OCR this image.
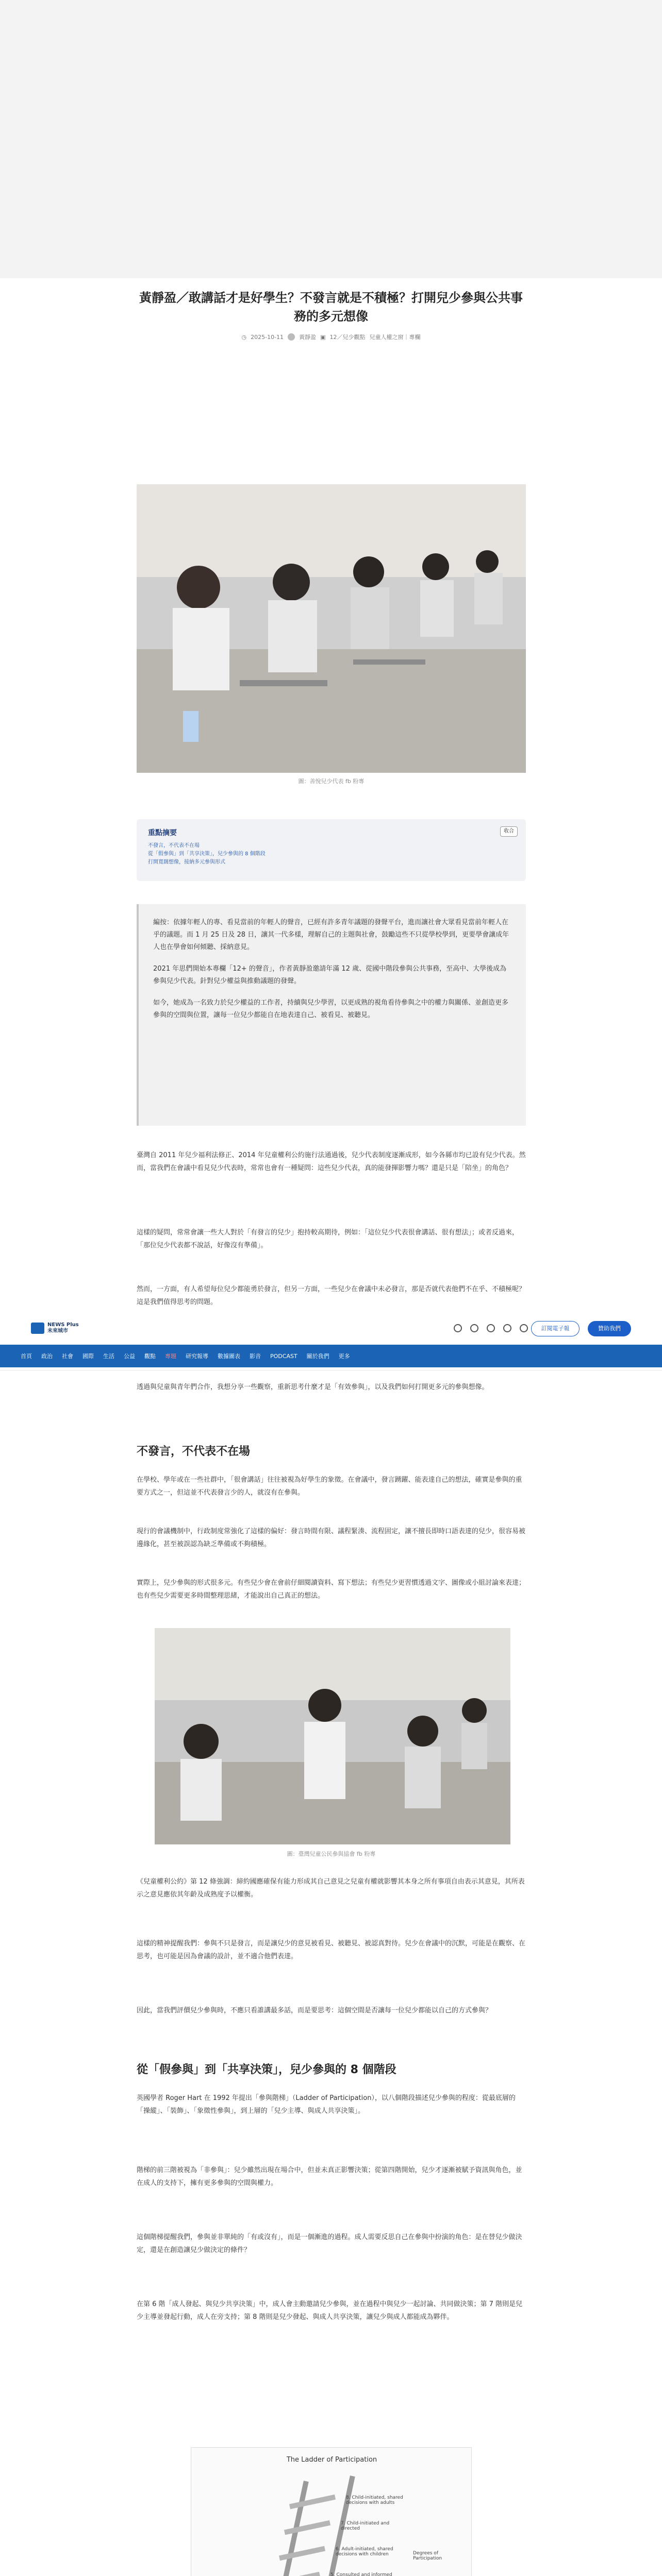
黃靜盈／敢講話才是好學生？不發言就是不積極？打開兒少參與公共事務的多元想像
◷ 2025-10-11	黃靜盈 ▣ 12／兒少觀點 兒童人權之窗｜專欄
圖：善悅兒少代表 fb 粉專
重點摘要	收合
不發言，不代表不在場
從「假參與」到「共享決策」，兒少參與的 8 個階段
打開寬闊想像，接納多元參與形式

編按：依據年輕人的專、看見當前的年輕人的聲音，已經有許多青年議題的發聲平台，進而讓社會大眾看見當前年輕人在乎的議題。而 1 月 25 日及 28 日，讓其一代多樣，理解自己的主題與社會，鼓勵這些不只從學校學到，更要學會讓成年人也在學會如何傾聽、採納意見。

2021 年思們開始本專欄「12+ 的聲音」，作者黃靜盈邀請年滿 12 歲、從國中階段參與公共事務，至高中、大學後成為參與兒少代表。針對兒少權益與推動議題的發聲。

如今，她成為一名致力於兒少權益的工作者，持續與兒少學習，以更成熟的視角看待參與之中的權力與關係、並創造更多參與的空間與位置，讓每一位兒少都能自在地表達自己、被看見、被聽見。

臺灣自 2011 年兒少福利法修正、2014 年兒童權利公約施行法通過後，兒少代表制度逐漸成形，如今各縣市均已設有兒少代表。然而，當我們在會議中看見兒少代表時，常常也會有一種疑問：這些兒少代表，真的能發揮影響力嗎？還是只是「陪坐」的角色？
這樣的疑問，常常會讓一些大人對於「有發言的兒少」抱持較高期待，例如：「這位兒少代表很會講話、很有想法」；或者反過來，「那位兒少代表都不說話，好像沒有準備」。
然而，一方面，有人希望每位兒少都能勇於發言，但另一方面，一些兒少在會議中未必發言，那是否就代表他們不在乎、不積極呢？這是我們值得思考的問題。
NEWS Plus
未來城市	訂閱電子報	贊助我們
首頁 政治 社會 國際 生活 公益 觀點 專題 研究報導 數據圖表 影音 PODCAST 關於我們 更多
透過與兒童與青年們合作，我想分享一些觀察，重新思考什麼才是「有效參與」，以及我們如何打開更多元的參與想像。
不發言，不代表不在場
在學校、學年或在一些社群中，「很會講話」往往被視為好學生的象徵。在會議中，發言踴躍、能表達自己的想法，確實是參與的重要方式之一，但這並不代表發言少的人，就沒有在參與。
現行的會議機制中，行政制度常強化了這樣的偏好：發言時間有限、議程緊湊、流程固定，讓不擅長即時口語表達的兒少，很容易被邊緣化，甚至被誤認為缺乏準備或不夠積極。
實際上，兒少參與的形式很多元。有些兒少會在會前仔細閱讀資料、寫下想法；有些兒少更習慣透過文字、圖像或小組討論來表達；也有些兒少需要更多時間整理思緒，才能說出自己真正的想法。
圖：臺灣兒童公民參與協會 fb 粉專
《兒童權利公約》第 12 條強調：締約國應確保有能力形成其自己意見之兒童有權就影響其本身之所有事項自由表示其意見，其所表示之意見應依其年齡及成熟度予以權衡。
這樣的精神提醒我們：參與不只是發言，而是讓兒少的意見被看見、被聽見、被認真對待。兒少在會議中的沉默，可能是在觀察、在思考，也可能是因為會議的設計，並不適合他們表達。
因此，當我們評價兒少參與時，不應只看誰講最多話，而是要思考：這個空間是否讓每一位兒少都能以自己的方式參與？
從「假參與」到「共享決策」，兒少參與的 8 個階段
英國學者 Roger Hart 在 1992 年提出「參與階梯」（Ladder of Participation），以八個階段描述兒少參與的程度：從最底層的「操縱」、「裝飾」、「象徵性參與」，到上層的「兒少主導、與成人共享決策」。
階梯的前三階被視為「非參與」：兒少雖然出現在場合中，但並未真正影響決策；從第四階開始，兒少才逐漸被賦予資訊與角色，並在成人的支持下，擁有更多參與的空間與權力。
這個階梯提醒我們，參與並非單純的「有或沒有」，而是一個漸進的過程。成人需要反思自己在參與中扮演的角色：是在替兒少做決定，還是在創造讓兒少做決定的條件？
在第 6 階「成人發起、與兒少共享決策」中，成人會主動邀請兒少參與，並在過程中與兒少一起討論、共同做決策；第 7 階則是兒少主導並發起行動，成人在旁支持；第 8 階則是兒少發起、與成人共享決策，讓兒少與成人都能成為夥伴。
The Ladder of Participation
8. Child-initiated, shared decisions with adults
7. Child-initiated and directed
6. Adult-initiated, shared decisions with children
5. Consulted and informed
Degrees of Participation
